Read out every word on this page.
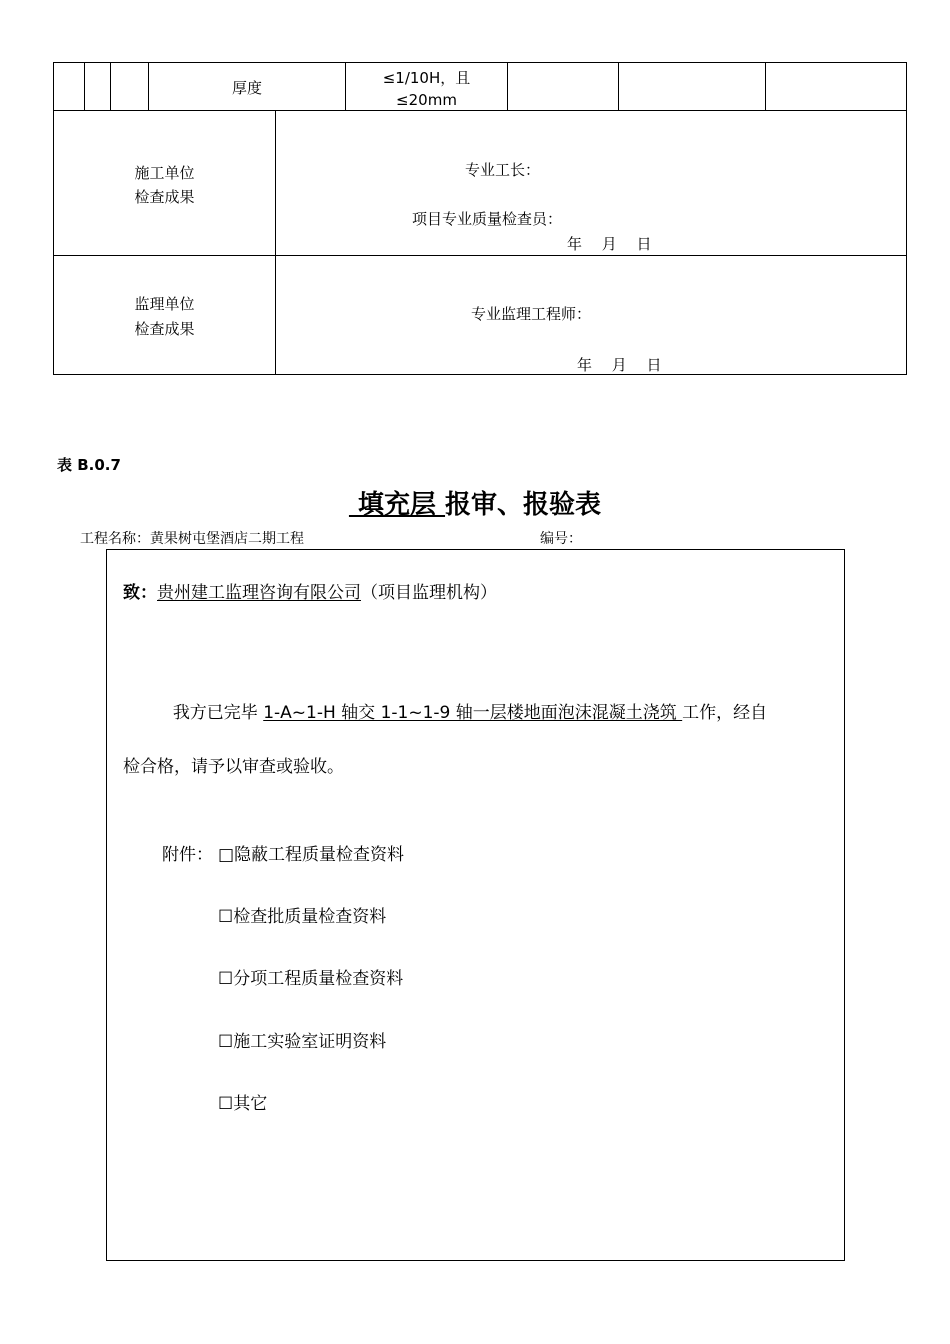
厚度
≤1/10H，且
≤20mm
施工单位
检查成果
专业工长：
项目专业质量检查员：
年　 月　 日
监理单位
检查成果
专业监理工程师：
年　 月　 日
表 B.0.7
填充层 报审、报验表
工程名称：黄果树屯堡酒店二期工程	编号：
致：贵州建工监理咨询有限公司（项目监理机构）

我方已完毕 1-A~1-H 轴交 1-1~1-9 轴一层楼地面泡沫混凝土浇筑 工作，经自

检合格，请予以审查或验收。
附件： □隐蔽工程质量检查资料
☐检查批质量检查资料
☐分项工程质量检查资料
☐施工实验室证明资料
☐其它
